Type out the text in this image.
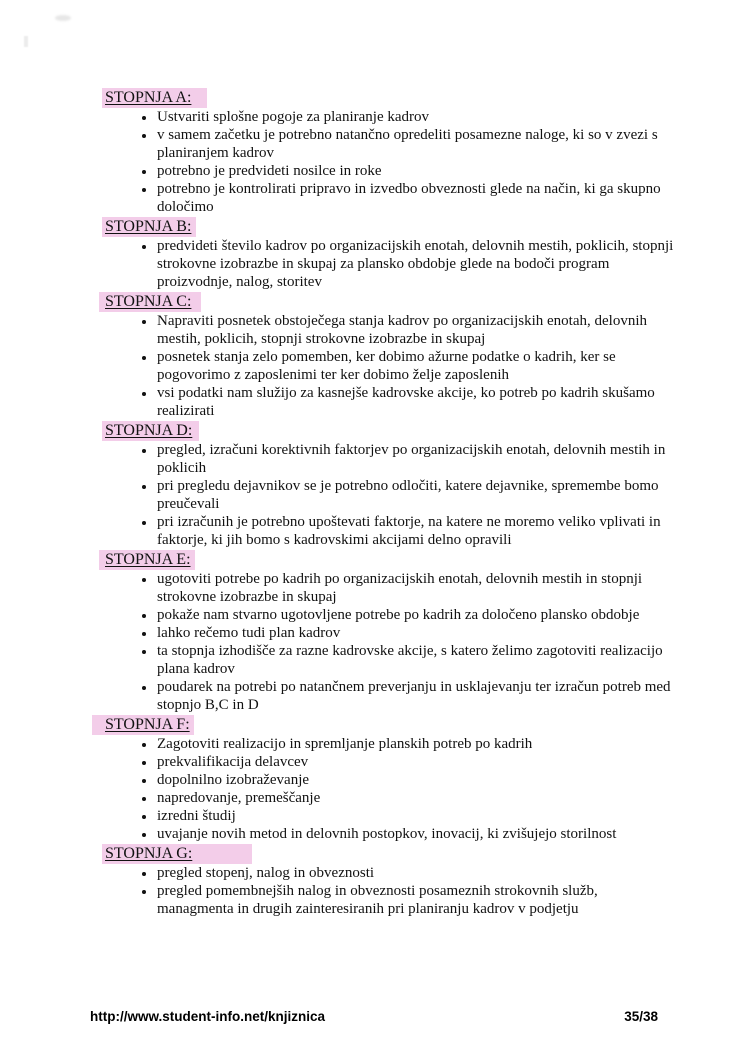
STOPNJA A:
• Ustvariti splošne pogoje za planiranje kadrov
• v samem začetku je potrebno natančno opredeliti posamezne naloge, ki so v zvezi s planiranjem kadrov
• potrebno je predvideti nosilce in roke
• potrebno je kontrolirati pripravo in izvedbo obveznosti glede na način, ki ga skupno določimo
STOPNJA B:
• predvideti število kadrov po organizacijskih enotah, delovnih mestih, poklicih, stopnji strokovne izobrazbe in skupaj za plansko obdobje glede na bodoči program proizvodnje, nalog, storitev
STOPNJA C:
• Napraviti posnetek obstoječega stanja kadrov po organizacijskih enotah, delovnih mestih, poklicih, stopnji strokovne izobrazbe in skupaj
• posnetek stanja zelo pomemben, ker dobimo ažurne podatke o kadrih, ker se pogovorimo z zaposlenimi ter ker dobimo želje zaposlenih
• vsi podatki nam služijo za kasnejše kadrovske akcije, ko potreb po kadrih skušamo realizirati
STOPNJA D:
• pregled, izračuni korektivnih faktorjev po organizacijskih enotah, delovnih mestih in poklicih
• pri pregledu dejavnikov se je potrebno odločiti, katere dejavnike, spremembe bomo preučevali
• pri izračunih je potrebno upoštevati faktorje, na katere ne moremo veliko vplivati in faktorje, ki jih bomo s kadrovskimi akcijami delno opravili
STOPNJA E:
• ugotoviti potrebe po kadrih po organizacijskih enotah, delovnih mestih in stopnji strokovne izobrazbe in skupaj
• pokaže nam stvarno ugotovljene potrebe po kadrih za določeno plansko obdobje
• lahko rečemo tudi plan kadrov
• ta stopnja izhodišče za razne kadrovske akcije, s katero želimo zagotoviti realizacijo plana kadrov
• poudarek na potrebi po natančnem preverjanju in usklajevanju ter izračun potreb med stopnjo B,C in D
STOPNJA F:
• Zagotoviti realizacijo in spremljanje planskih potreb po kadrih
• prekvalifikacija delavcev
• dopolnilno izobraževanje
• napredovanje, premeščanje
• izredni študij
• uvajanje novih metod in delovnih postopkov, inovacij, ki zvišujejo storilnost
STOPNJA G:
• pregled stopenj, nalog in obveznosti
• pregled pomembnejših nalog in obveznosti posameznih strokovnih služb, managmenta in drugih zainteresiranih pri planiranju kadrov v podjetju
http://www.student-info.net/knjiznica	35/38
